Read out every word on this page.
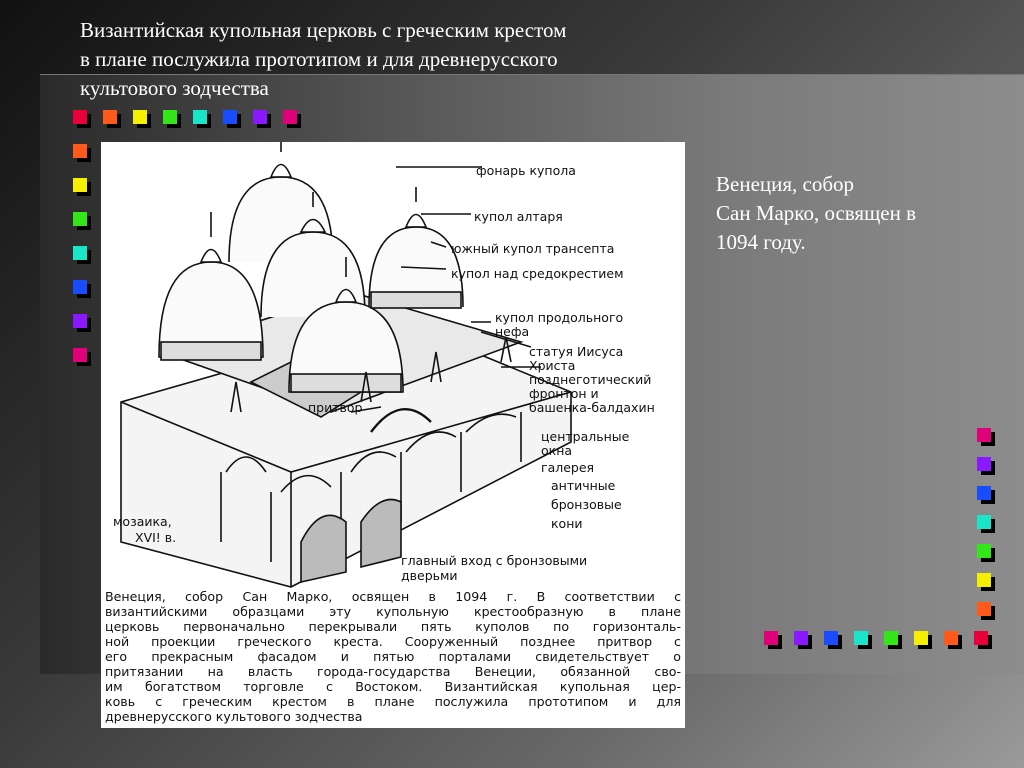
Византийская купольная церковь с греческим крестом
в плане послужила прототипом и для древнерусского
культового зодчества
фонарь купола
купол алтаря
южный купол трансепта
купол над средокрестием
купол продольного
нефа
статуя Иисуса
Христа
позднеготический
фронтон и
башенка-балдахин
притвор
центральные
окна
галерея
античные
бронзовые
кони
мозаика,
XVI! в.
главный вход с бронзовыми
дверьми
Венеция, собор Сан Марко, освящен в 1094 г. В соответствии с
византийскими образцами эту купольную крестообразную в плане
церковь первоначально перекрывали пять куполов по горизонталь-
ной проекции греческого креста. Сооруженный позднее притвор с
его прекрасным фасадом и пятью порталами свидетельствует о
притязании на власть города-государства Венеции, обязанной сво-
им богатством торговле с Востоком. Византийская купольная цер-
ковь с греческим крестом в плане послужила прототипом и для
древнерусского культового зодчества
Венеция, собор
Сан Марко, освящен в
1094 году.
